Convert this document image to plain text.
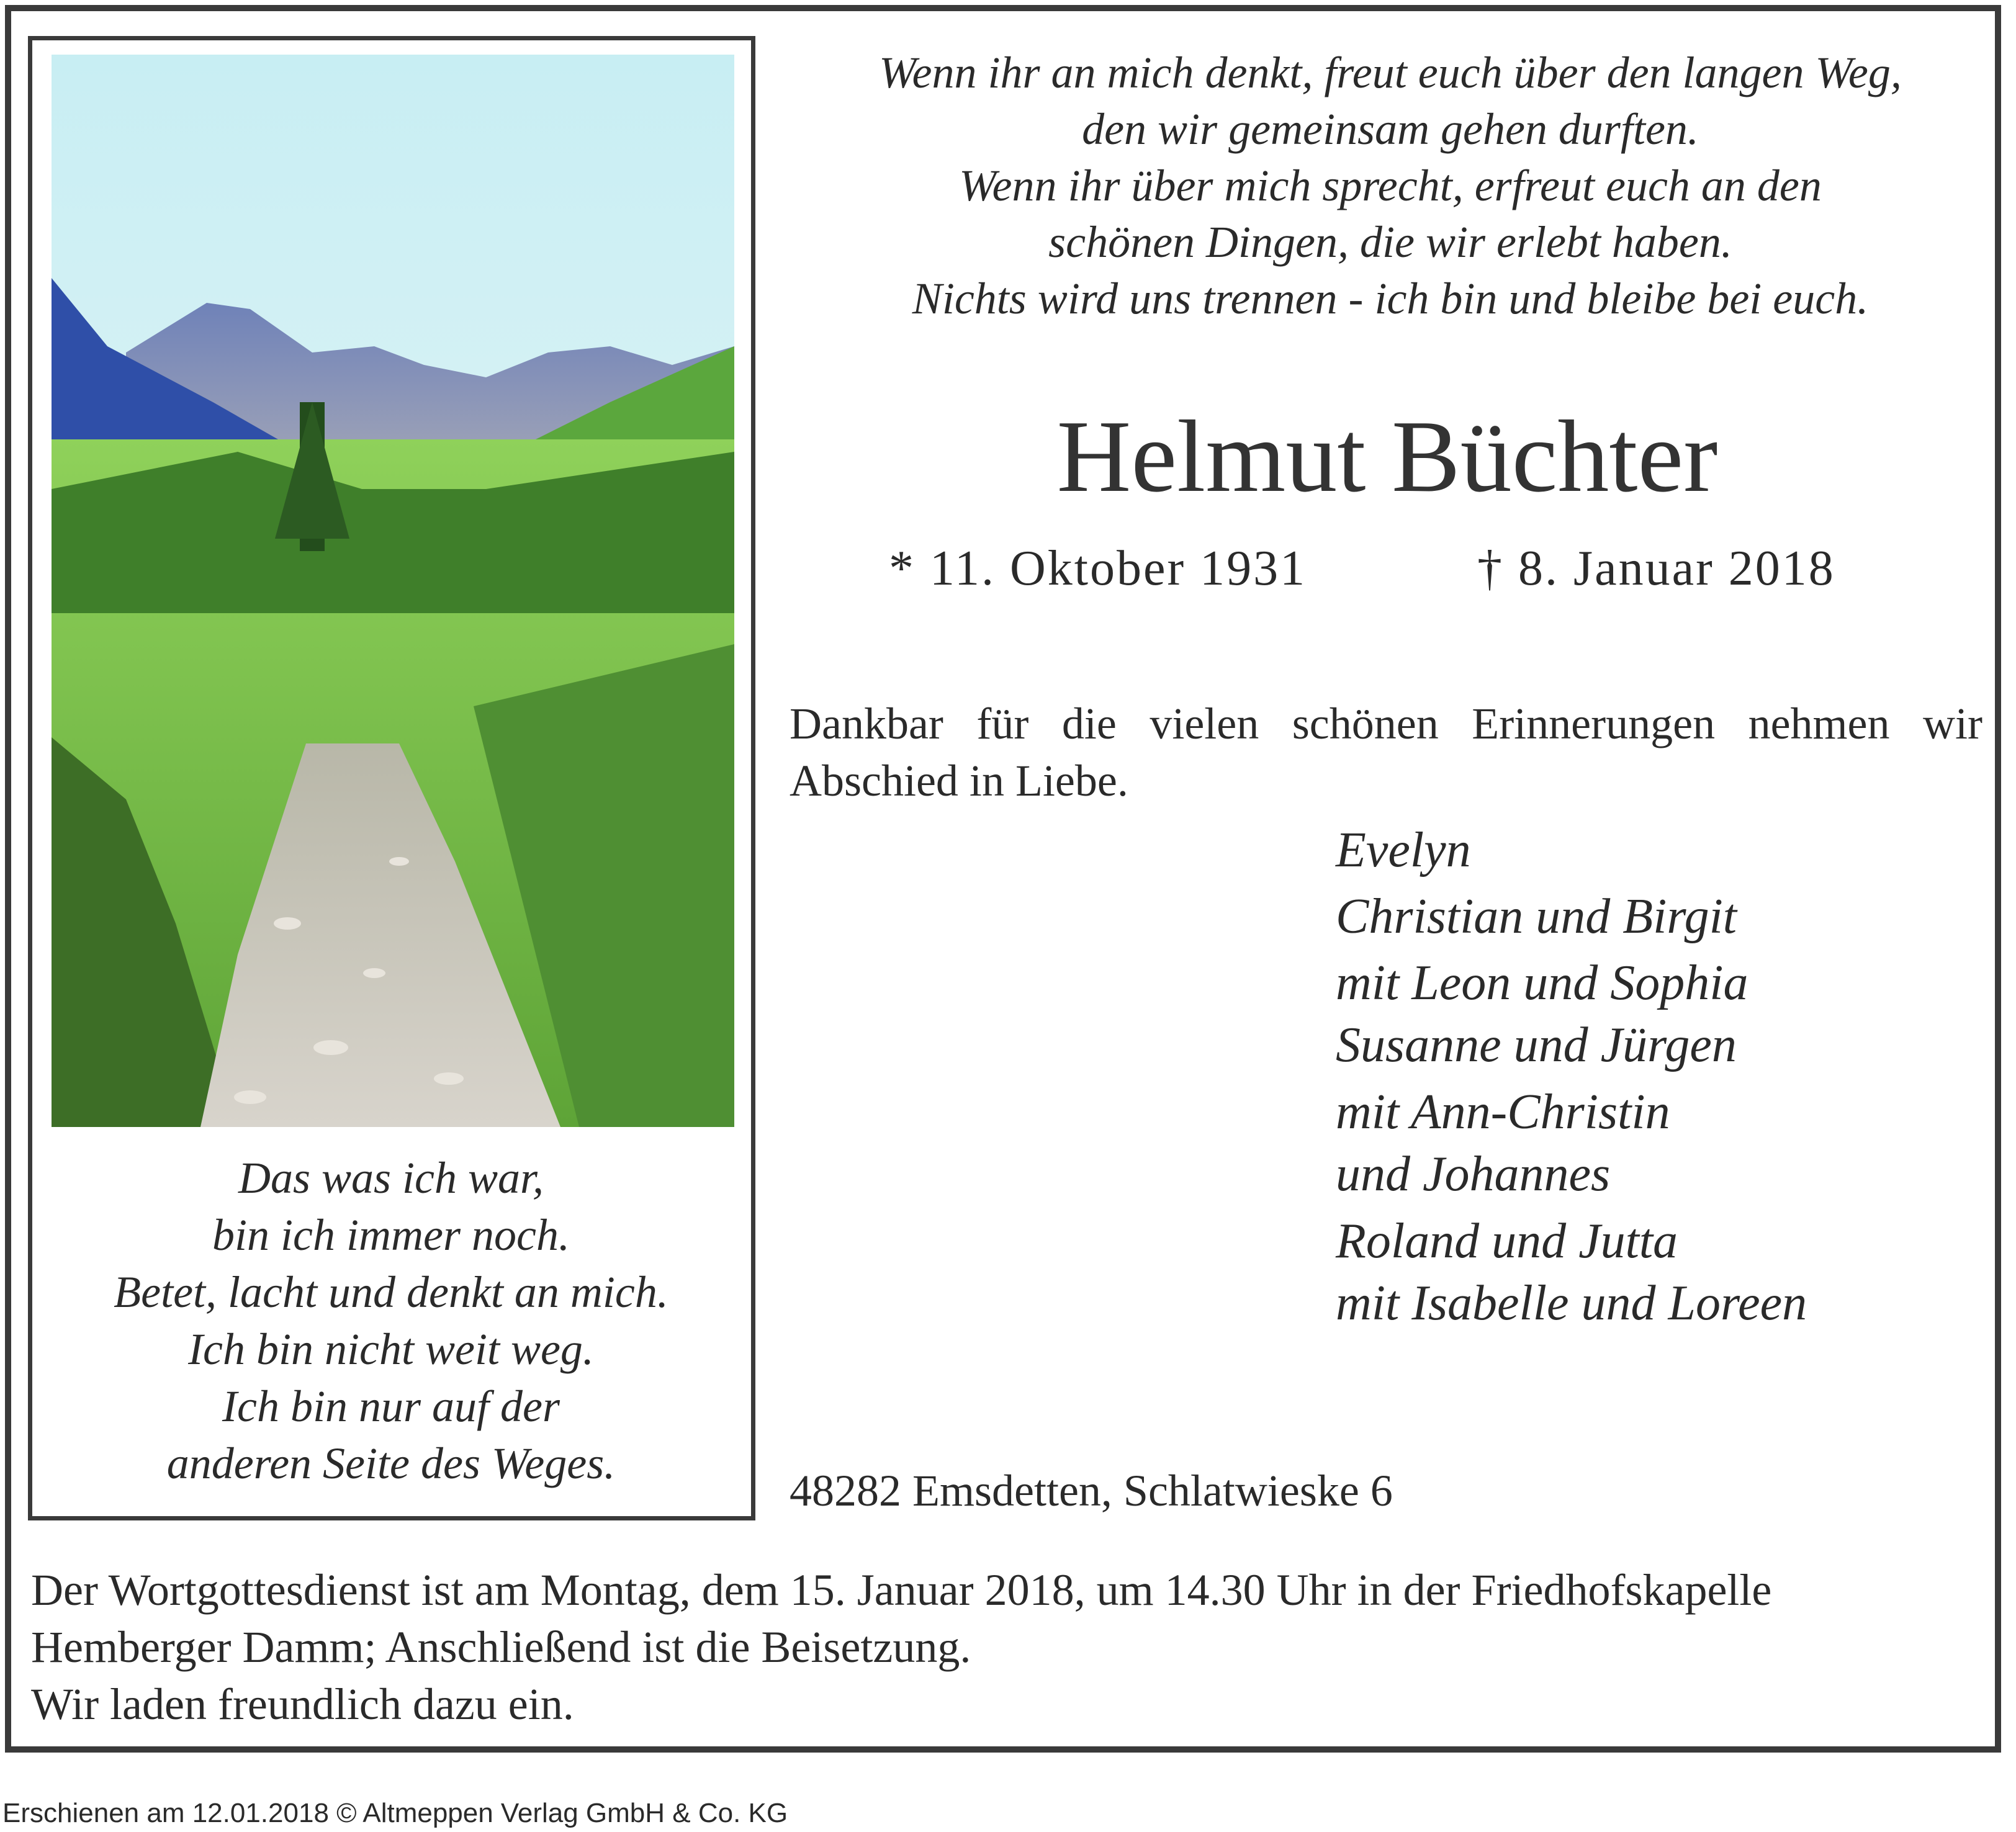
Das was ich war,
bin ich immer noch.
Betet, lacht und denkt an mich.
Ich bin nicht weit weg.
Ich bin nur auf der
anderen Seite des Weges.
Wenn ihr an mich denkt, freut euch über den langen Weg,
den wir gemeinsam gehen durften.
Wenn ihr über mich sprecht, erfreut euch an den
schönen Dingen, die wir erlebt haben.
Nichts wird uns trennen - ich bin und bleibe bei euch.
Helmut Büchter
* 11. Oktober 1931	† 8. Januar 2018
Dankbar für die vielen schönen Erinnerungen nehmen wir Abschied in Liebe.
Evelyn
Christian und Birgit
mit Leon und Sophia
Susanne und Jürgen
mit Ann-Christin
und Johannes
Roland und Jutta
mit Isabelle und Loreen
48282 Emsdetten, Schlatwieske 6
Der Wortgottesdienst ist am Montag, dem 15. Januar 2018, um 14.30 Uhr in der Friedhofskapelle
Hemberger Damm; Anschließend ist die Beisetzung.
Wir laden freundlich dazu ein.
Erschienen am 12.01.2018 © Altmeppen Verlag GmbH & Co. KG
